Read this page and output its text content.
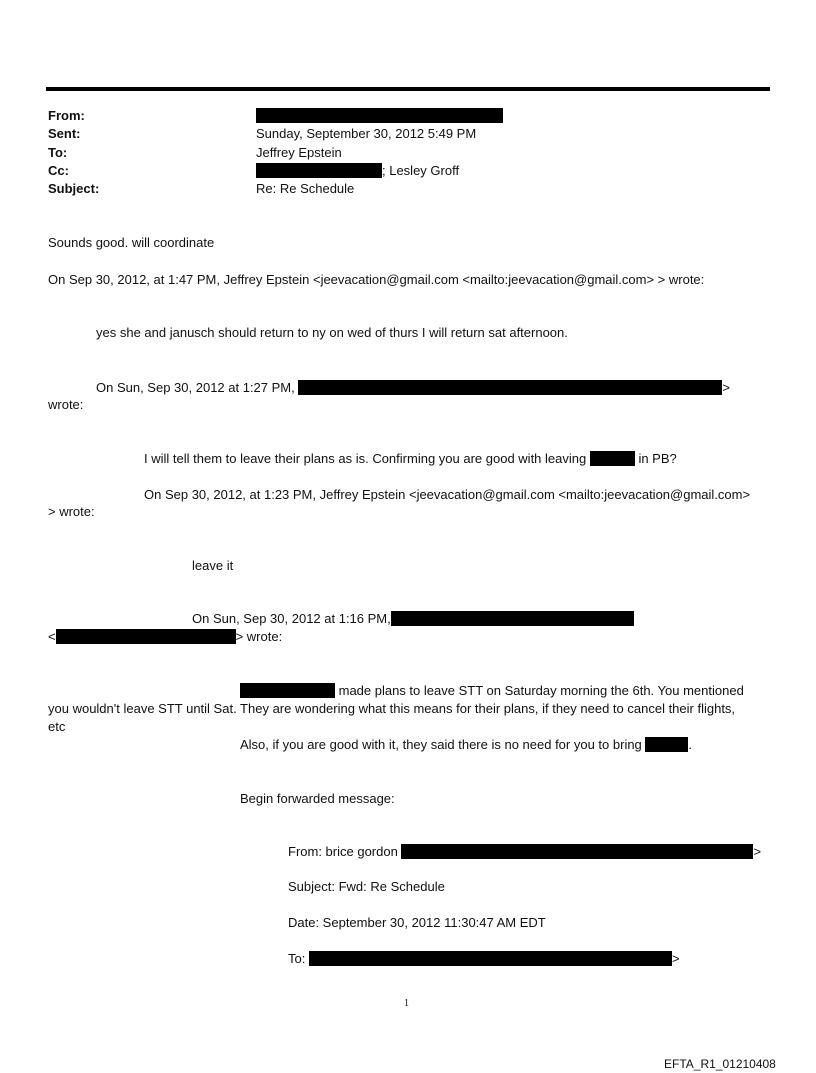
From:
Sent:	Sunday, September 30, 2012 5:49 PM
To:	Jeffrey Epstein
Cc:	; Lesley Groff
Subject:	Re: Re Schedule
Sounds good. will coordinate
On Sep 30, 2012, at 1:47 PM, Jeffrey Epstein <jeevacation@gmail.com <mailto:jeevacation@gmail.com> > wrote:
yes she and janusch should return to ny on wed of thurs I will return sat afternoon.
On Sun, Sep 30, 2012 at 1:27 PM,	>
wrote:
I will tell them to leave their plans as is. Confirming you are good with leaving	in PB?
On Sep 30, 2012, at 1:23 PM, Jeffrey Epstein <jeevacation@gmail.com <mailto:jeevacation@gmail.com>
> wrote:
leave it
On Sun, Sep 30, 2012 at 1:16 PM,
<	> wrote:
made plans to leave STT on Saturday morning the 6th. You mentioned
you wouldn't leave STT until Sat. They are wondering what this means for their plans, if they need to cancel their flights,
etc
Also, if you are good with it, they said there is no need for you to bring	.
Begin forwarded message:
From: brice gordon	>
Subject: Fwd: Re Schedule
Date: September 30, 2012 11:30:47 AM EDT
To:	>
1
EFTA_R1_01210408
